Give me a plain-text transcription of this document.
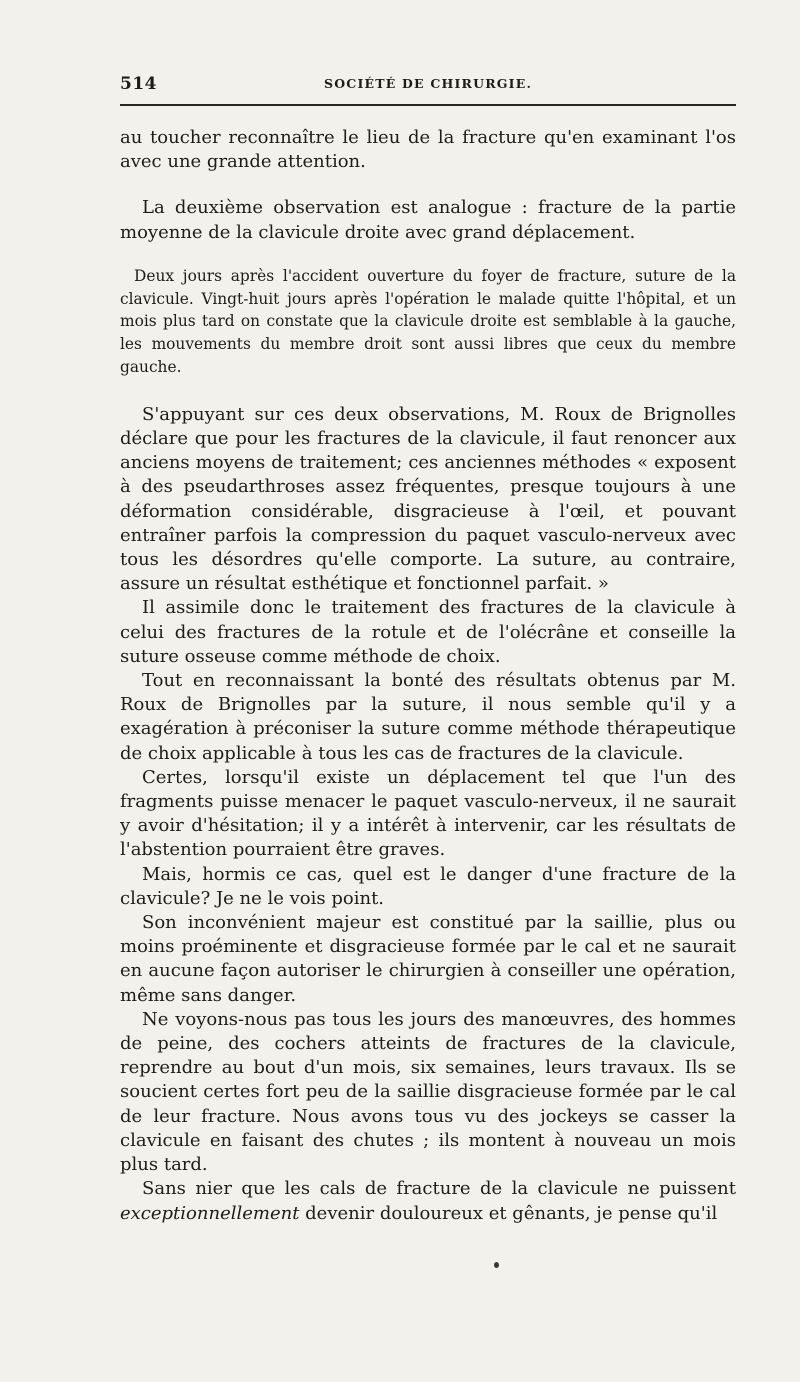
514	SOCIÉTÉ DE CHIRURGIE.

au toucher reconnaître le lieu de la fracture qu'en examinant l'os avec une grande attention.

La deuxième observation est analogue : fracture de la partie moyenne de la clavicule droite avec grand déplacement.

Deux jours après l'accident ouverture du foyer de fracture, suture de la clavicule. Vingt-huit jours après l'opération le malade quitte l'hôpital, et un mois plus tard on constate que la clavicule droite est semblable à la gauche, les mouvements du membre droit sont aussi libres que ceux du membre gauche.

S'appuyant sur ces deux observations, M. Roux de Brignolles déclare que pour les fractures de la clavicule, il faut renoncer aux anciens moyens de traitement; ces anciennes méthodes « exposent à des pseudarthroses assez fréquentes, presque toujours à une déformation considérable, disgracieuse à l'œil, et pouvant entraîner parfois la compression du paquet vasculo-nerveux avec tous les désordres qu'elle comporte. La suture, au contraire, assure un résultat esthétique et fonctionnel parfait. »

Il assimile donc le traitement des fractures de la clavicule à celui des fractures de la rotule et de l'olécrâne et conseille la suture osseuse comme méthode de choix.

Tout en reconnaissant la bonté des résultats obtenus par M. Roux de Brignolles par la suture, il nous semble qu'il y a exagération à préconiser la suture comme méthode thérapeutique de choix applicable à tous les cas de fractures de la clavicule.

Certes, lorsqu'il existe un déplacement tel que l'un des fragments puisse menacer le paquet vasculo-nerveux, il ne saurait y avoir d'hésitation; il y a intérêt à intervenir, car les résultats de l'abstention pourraient être graves.

Mais, hormis ce cas, quel est le danger d'une fracture de la clavicule? Je ne le vois point.

Son inconvénient majeur est constitué par la saillie, plus ou moins proéminente et disgracieuse formée par le cal et ne saurait en aucune façon autoriser le chirurgien à conseiller une opération, même sans danger.

Ne voyons-nous pas tous les jours des manœuvres, des hommes de peine, des cochers atteints de fractures de la clavicule, reprendre au bout d'un mois, six semaines, leurs travaux. Ils se soucient certes fort peu de la saillie disgracieuse formée par le cal de leur fracture. Nous avons tous vu des jockeys se casser la clavicule en faisant des chutes ; ils montent à nouveau un mois plus tard.

Sans nier que les cals de fracture de la clavicule ne puissent exceptionnellement devenir douloureux et gênants, je pense qu'il
